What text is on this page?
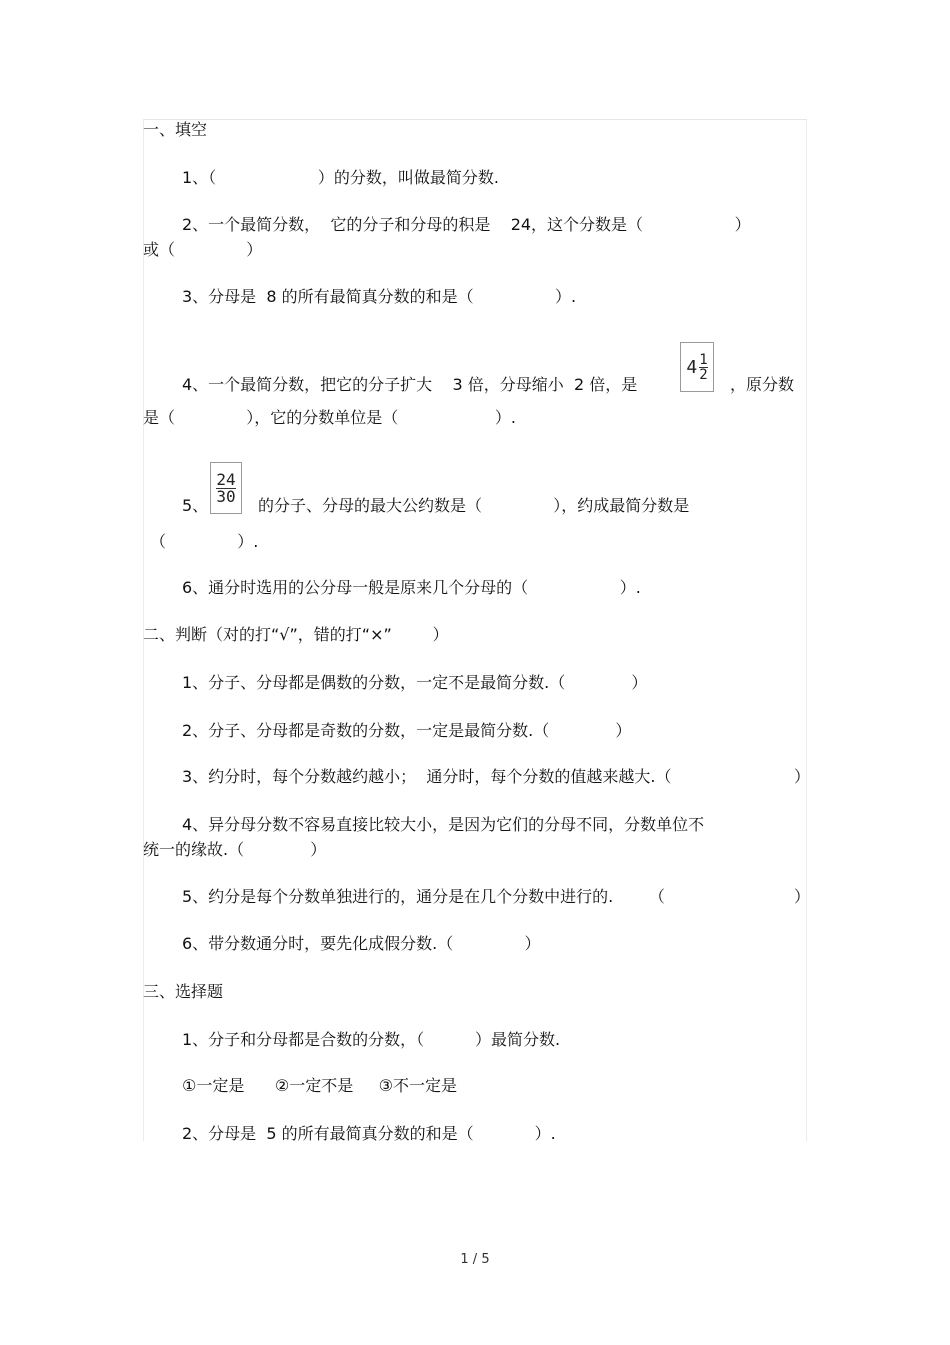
一、填空

1、（                    ）的分数，叫做最简分数.

2、一个最简分数，  它的分子和分母的积是    24，这个分数是（                  ）

或（              ）

3、分母是  8 的所有最简真分数的和是（                ）.

4、一个最简分数，把它的分子扩大    3 倍，分母缩小  2 倍，是

$4 \frac{1}{2}$

，原分数

是（              ），它的分数单位是（                   ）.

5、

$\frac{24}{30}$

的分子、分母的最大公约数是（              ），约成最简分数是

（              ）.

6、通分时选用的公分母一般是原来几个分母的（                  ）.

二、判断（对的打“√”，错的打“×”        ）

1、分子、分母都是偶数的分数，一定不是最简分数.（             ）

2、分子、分母都是奇数的分数，一定是最简分数.（             ）

3、约分时，每个分数越约越小；  通分时，每个分数的值越来越大.（	）

4、异分母分数不容易直接比较大小，是因为它们的分母不同，分数单位不

统一的缘故.（             ）

5、约分是每个分数单独进行的，通分是在几个分数中进行的.       （	）

6、带分数通分时，要先化成假分数.（              ）

三、选择题

1、分子和分母都是合数的分数，（          ）最简分数.

①一定是      ②一定不是     ③不一定是

2、分母是  5 的所有最简真分数的和是（            ）.

1 / 5
